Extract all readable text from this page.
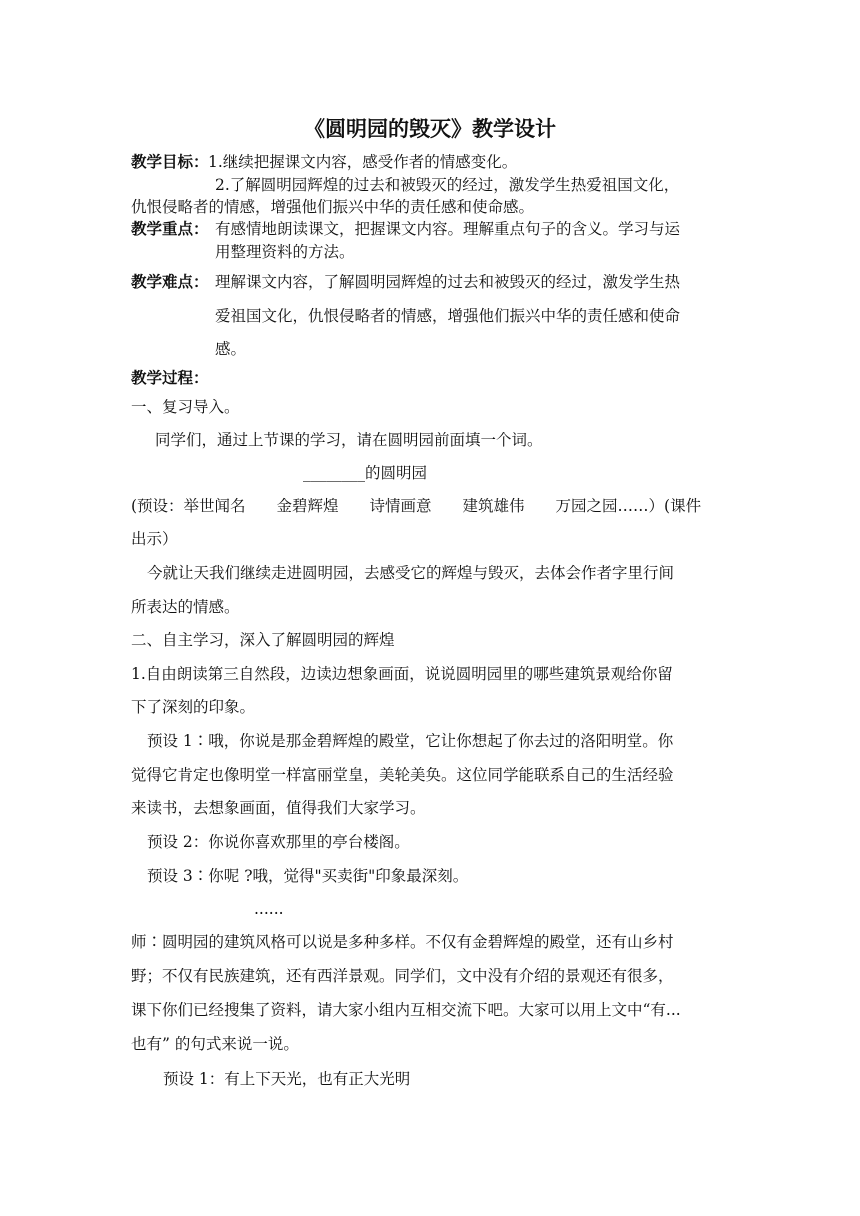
《圆明园的毁灭》教学设计
教学目标： 1.继续把握课文内容，感受作者的情感变化。
2.了解圆明园辉煌的过去和被毁灭的经过，激发学生热爱祖国文化，
仇恨侵略者的情感，增强他们振兴中华的责任感和使命感。
教学重点： 有感情地朗读课文，把握课文内容。理解重点句子的含义。学习与运
用整理资料的方法。
教学难点： 理解课文内容，了解圆明园辉煌的过去和被毁灭的经过，激发学生热
爱祖国文化，仇恨侵略者的情感，增强他们振兴中华的责任感和使命
感。
教学过程：
一、复习导入。
同学们，通过上节课的学习，请在圆明园前面填一个词。
________的圆明园
(预设：举世闻名　　金碧辉煌　　诗情画意　　建筑雄伟　　万园之园……）(课件
出示）
今就让天我们继续走进圆明园，去感受它的辉煌与毁灭，去体会作者字里行间
所表达的情感。
二、自主学习，深入了解圆明园的辉煌
1.自由朗读第三自然段，边读边想象画面，说说圆明园里的哪些建筑景观给你留
下了深刻的印象。
预设 1∶哦，你说是那金碧辉煌的殿堂，它让你想起了你去过的洛阳明堂。你
觉得它肯定也像明堂一样富丽堂皇，美轮美奂。这位同学能联系自己的生活经验
来读书，去想象画面，值得我们大家学习。
预设 2：你说你喜欢那里的亭台楼阁。
预设 3∶你呢 ?哦，觉得"买卖街"印象最深刻。
......
师∶圆明园的建筑风格可以说是多种多样。不仅有金碧辉煌的殿堂，还有山乡村
野；不仅有民族建筑，还有西洋景观。同学们，文中没有介绍的景观还有很多，
课下你们已经搜集了资料，请大家小组内互相交流下吧。大家可以用上文中“有...
也有” 的句式来说一说。
预设 1：有上下天光，也有正大光明
